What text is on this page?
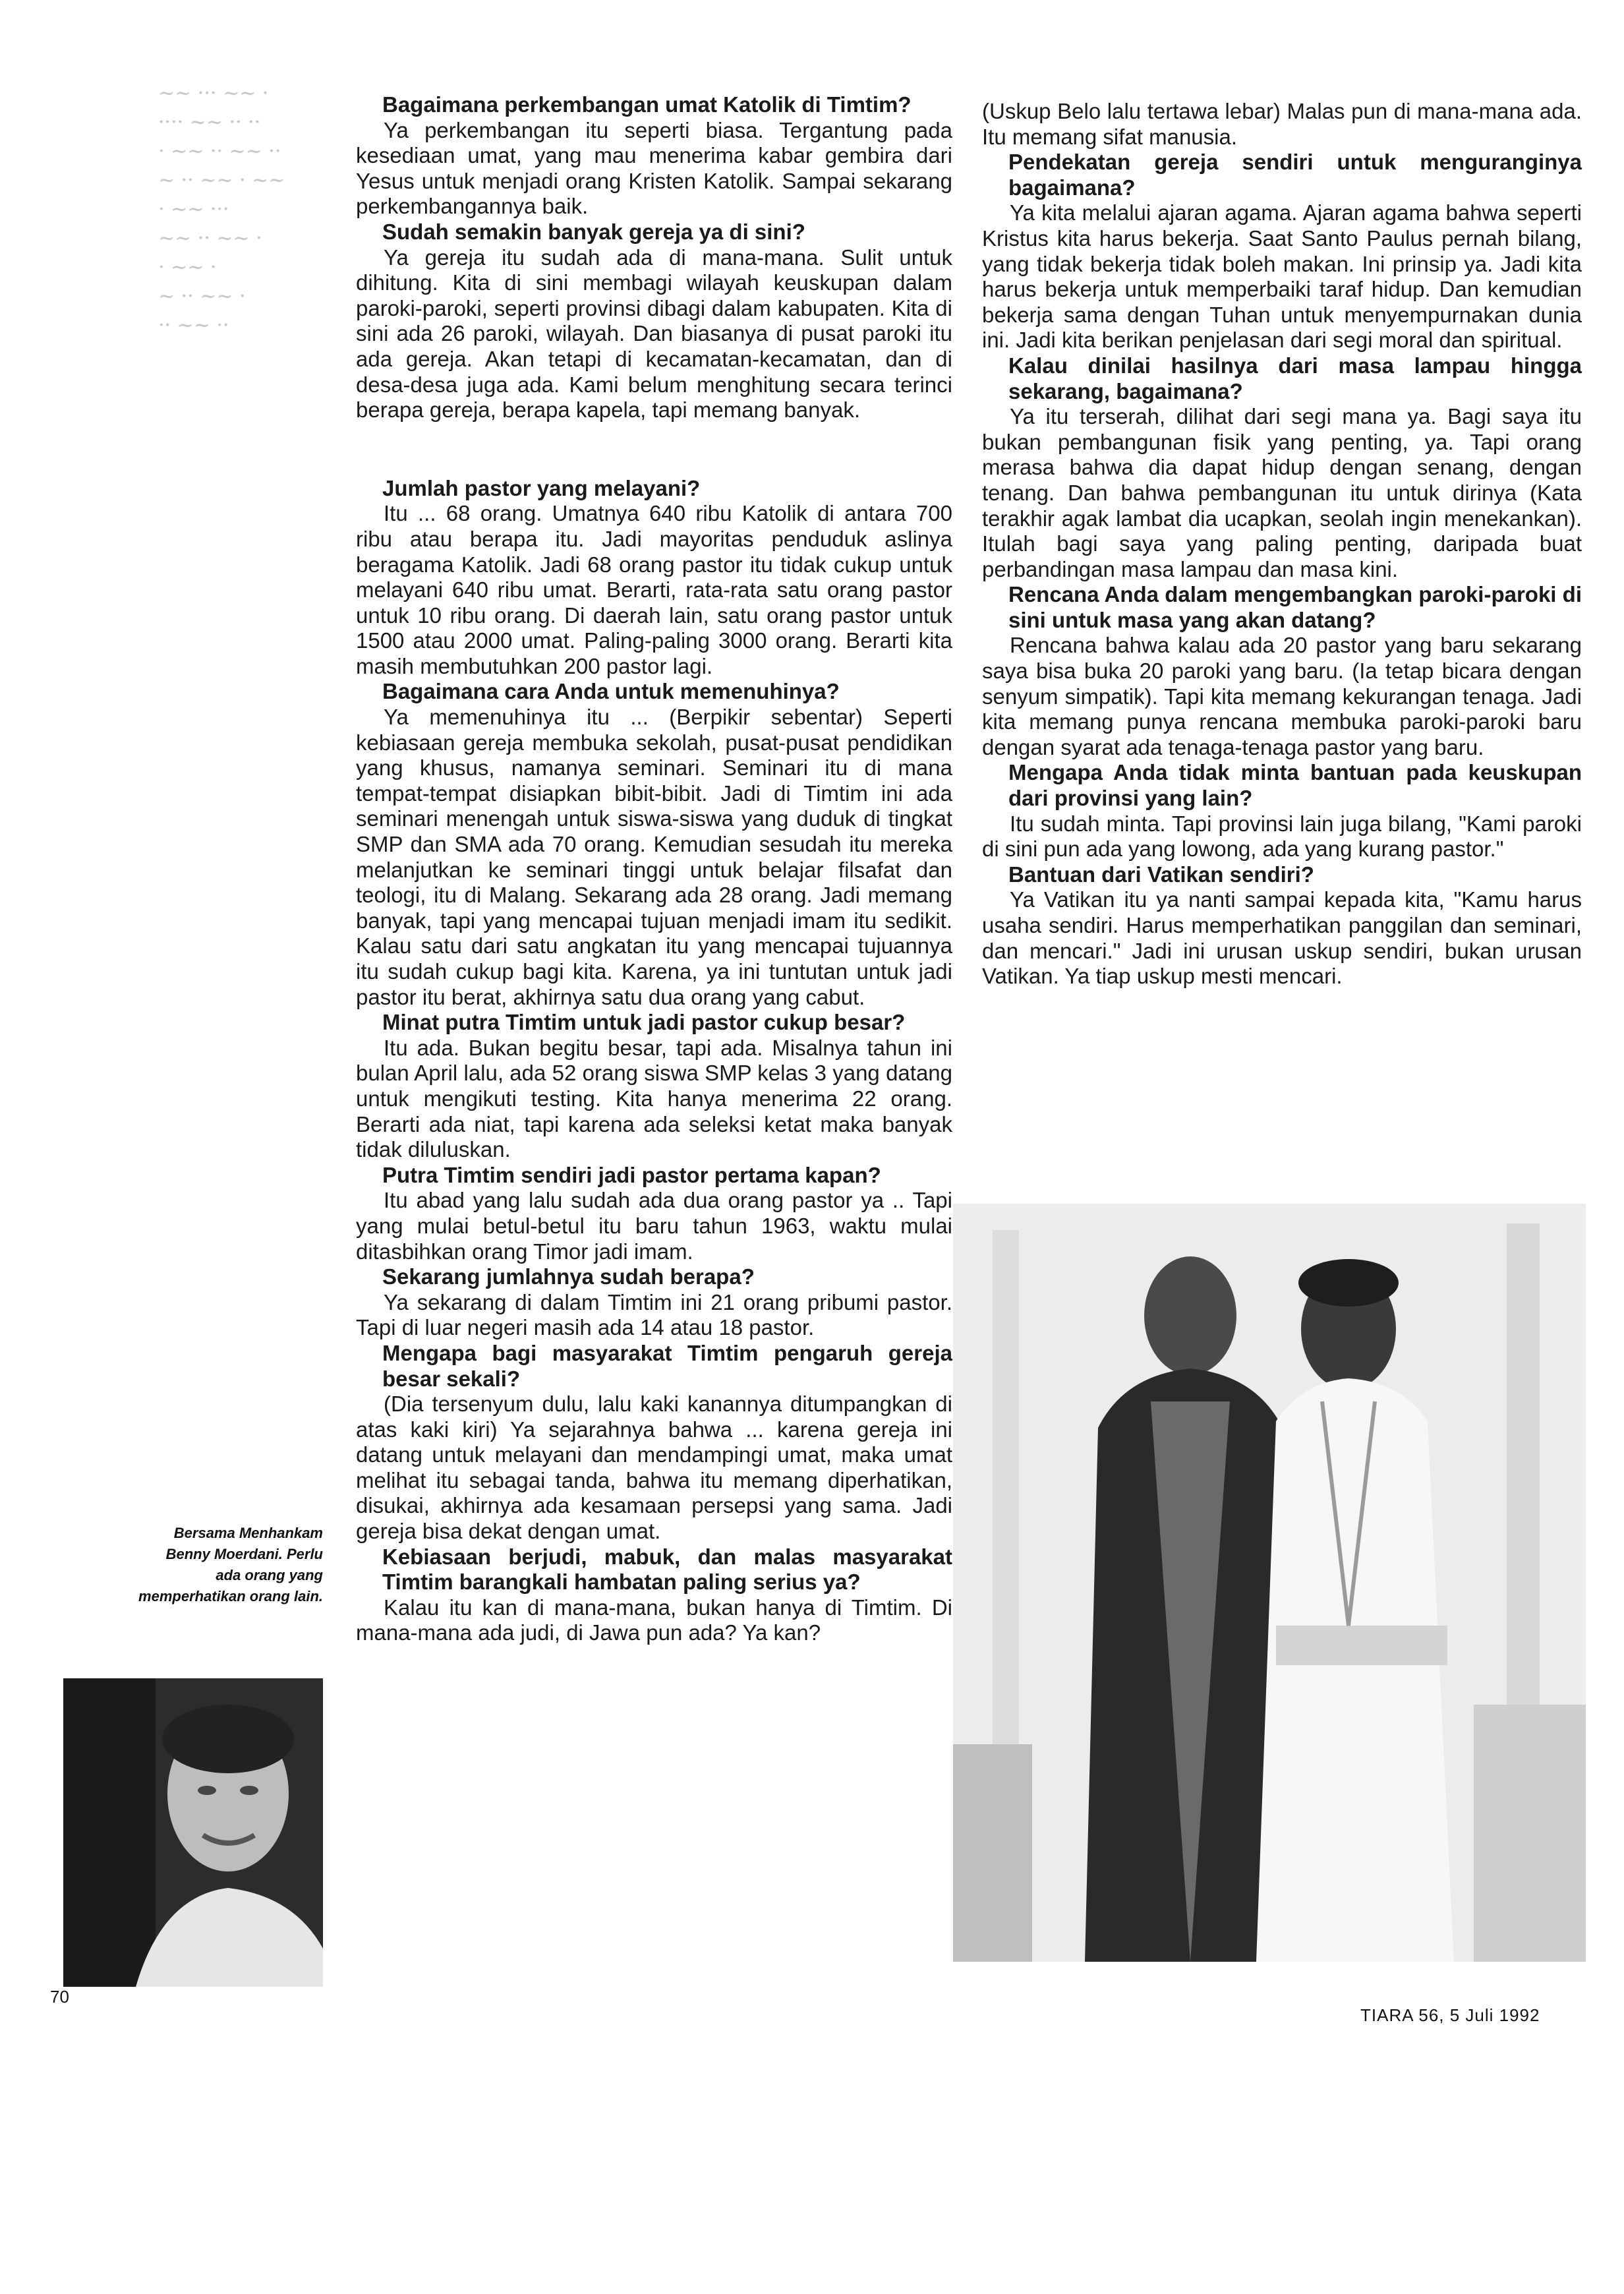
~~ ··· ~~ ·
···· ~~ ·· ··
· ~~ ·· ~~ ··
~ ·· ~~ · ~~
· ~~ ···
~~ ·· ~~ ·
· ~~ ·
~ ·· ~~ ·
·· ~~ ··

Bagaimana perkembangan umat Katolik di Timtim?

Ya perkembangan itu seperti biasa. Tergantung pada kesediaan umat, yang mau menerima kabar gembira dari Yesus untuk menjadi orang Kristen Katolik. Sampai sekarang perkembangannya baik.

Sudah semakin banyak gereja ya di sini?

Ya gereja itu sudah ada di mana-mana. Sulit untuk dihitung. Kita di sini membagi wilayah keuskupan dalam paroki-paroki, seperti provinsi dibagi dalam kabupaten. Kita di sini ada 26 paroki, wilayah. Dan biasanya di pusat paroki itu ada gereja. Akan tetapi di kecamatan-kecamatan, dan di desa-desa juga ada. Kami belum menghitung secara terinci berapa gereja, berapa kapela, tapi memang banyak.

Jumlah pastor yang melayani?

Itu ... 68 orang. Umatnya 640 ribu Katolik di antara 700 ribu atau berapa itu. Jadi mayoritas penduduk aslinya beragama Katolik. Jadi 68 orang pastor itu tidak cukup untuk melayani 640 ribu umat. Berarti, rata-rata satu orang pastor untuk 10 ribu orang. Di daerah lain, satu orang pastor untuk 1500 atau 2000 umat. Paling-paling 3000 orang. Berarti kita masih membutuhkan 200 pastor lagi.

Bagaimana cara Anda untuk memenuhinya?

Ya memenuhinya itu ... (Berpikir sebentar) Seperti kebiasaan gereja membuka sekolah, pusat-pusat pendidikan yang khusus, namanya seminari. Seminari itu di mana tempat-tempat disiapkan bibit-bibit. Jadi di Timtim ini ada seminari menengah untuk siswa-siswa yang duduk di tingkat SMP dan SMA ada 70 orang. Kemudian sesudah itu mereka melanjutkan ke seminari tinggi untuk belajar filsafat dan teologi, itu di Malang. Sekarang ada 28 orang. Jadi memang banyak, tapi yang mencapai tujuan menjadi imam itu sedikit. Kalau satu dari satu angkatan itu yang mencapai tujuannya itu sudah cukup bagi kita. Karena, ya ini tuntutan untuk jadi pastor itu berat, akhirnya satu dua orang yang cabut.

Minat putra Timtim untuk jadi pastor cukup besar?

Itu ada. Bukan begitu besar, tapi ada. Misalnya tahun ini bulan April lalu, ada 52 orang siswa SMP kelas 3 yang datang untuk mengikuti testing. Kita hanya menerima 22 orang. Berarti ada niat, tapi karena ada seleksi ketat maka banyak tidak diluluskan.

Putra Timtim sendiri jadi pastor pertama kapan?

Itu abad yang lalu sudah ada dua orang pastor ya .. Tapi yang mulai betul-betul itu baru tahun 1963, waktu mulai ditasbihkan orang Timor jadi imam.

Sekarang jumlahnya sudah berapa?

Ya sekarang di dalam Timtim ini 21 orang pribumi pastor. Tapi di luar negeri masih ada 14 atau 18 pastor.

Mengapa bagi masyarakat Timtim pengaruh gereja besar sekali?

(Dia tersenyum dulu, lalu kaki kanannya ditumpangkan di atas kaki kiri) Ya sejarahnya bahwa ... karena gereja ini datang untuk melayani dan mendampingi umat, maka umat melihat itu sebagai tanda, bahwa itu memang diperhatikan, disukai, akhirnya ada kesamaan persepsi yang sama. Jadi gereja bisa dekat dengan umat.

Kebiasaan berjudi, mabuk, dan malas masyarakat Timtim barangkali hambatan paling serius ya?

Kalau itu kan di mana-mana, bukan hanya di Timtim. Di mana-mana ada judi, di Jawa pun ada? Ya kan?

(Uskup Belo lalu tertawa lebar) Malas pun di mana-mana ada. Itu memang sifat manusia.

Pendekatan gereja sendiri untuk menguranginya bagaimana?

Ya kita melalui ajaran agama. Ajaran agama bahwa seperti Kristus kita harus bekerja. Saat Santo Paulus pernah bilang, yang tidak bekerja tidak boleh makan. Ini prinsip ya. Jadi kita harus bekerja untuk memperbaiki taraf hidup. Dan kemudian bekerja sama dengan Tuhan untuk menyempurnakan dunia ini. Jadi kita berikan penjelasan dari segi moral dan spiritual.

Kalau dinilai hasilnya dari masa lampau hingga sekarang, bagaimana?

Ya itu terserah, dilihat dari segi mana ya. Bagi saya itu bukan pembangunan fisik yang penting, ya. Tapi orang merasa bahwa dia dapat hidup dengan senang, dengan tenang. Dan bahwa pembangunan itu untuk dirinya (Kata terakhir agak lambat dia ucapkan, seolah ingin menekankan). Itulah bagi saya yang paling penting, daripada buat perbandingan masa lampau dan masa kini.

Rencana Anda dalam mengembangkan paroki-paroki di sini untuk masa yang akan datang?

Rencana bahwa kalau ada 20 pastor yang baru sekarang saya bisa buka 20 paroki yang baru. (Ia tetap bicara dengan senyum simpatik). Tapi kita memang kekurangan tenaga. Jadi kita memang punya rencana membuka paroki-paroki baru dengan syarat ada tenaga-tenaga pastor yang baru.

Mengapa Anda tidak minta bantuan pada keuskupan dari provinsi yang lain?

Itu sudah minta. Tapi provinsi lain juga bilang, "Kami paroki di sini pun ada yang lowong, ada yang kurang pastor."

Bantuan dari Vatikan sendiri?

Ya Vatikan itu ya nanti sampai kepada kita, "Kamu harus usaha sendiri. Harus memperhatikan panggilan dan seminari, dan mencari." Jadi ini urusan uskup sendiri, bukan urusan Vatikan. Ya tiap uskup mesti mencari.

Bersama Menhankam
Benny Moerdani. Perlu
ada orang yang
memperhatikan orang lain.
70
TIARA 56, 5 Juli 1992
